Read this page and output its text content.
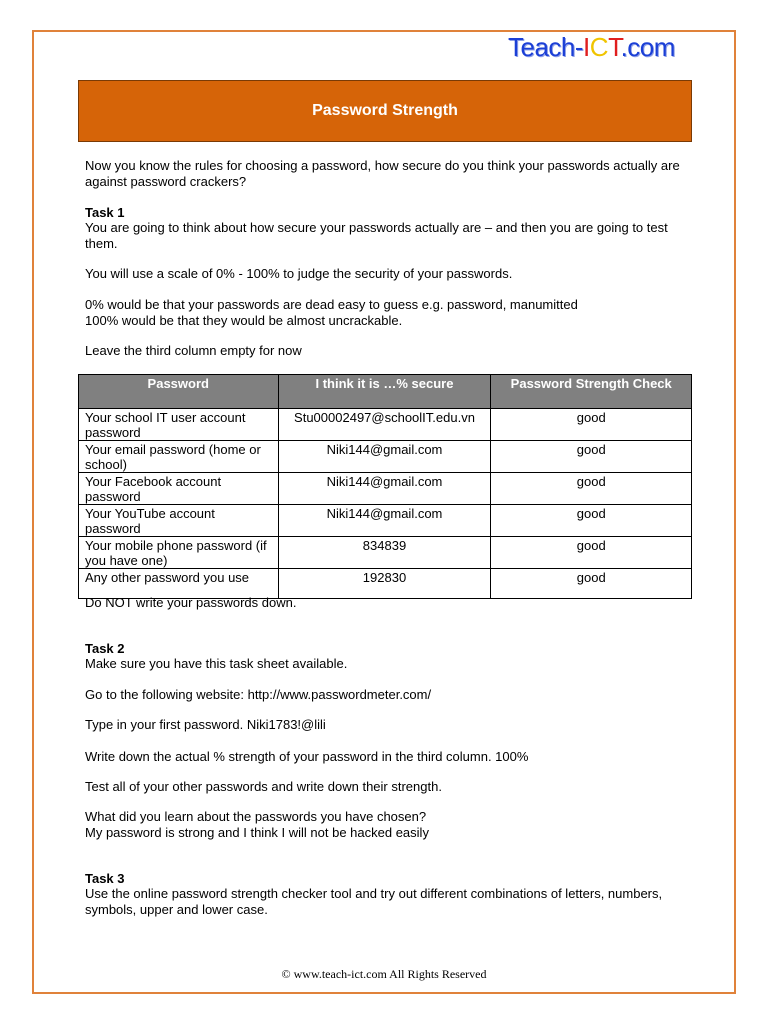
Teach-ICT.com
Password Strength
Now you know the rules for choosing a password, how secure do you think your passwords actually are against password crackers?
Task 1
You are going to think about how secure your passwords actually are – and then you are going to test them.
You will use a scale of 0% - 100% to judge the security of your passwords.
0% would be that your passwords are dead easy to guess e.g. password, manumitted
100% would be that they would be almost uncrackable.
Leave the third column empty for now
Password	I think it is …% secure	Password Strength Check
Your school IT user account password	Stu00002497@schoolIT.edu.vn	good
Your email password (home or school)	Niki144@gmail.com	good
Your Facebook account password	Niki144@gmail.com	good
Your YouTube account password	Niki144@gmail.com	good
Your mobile phone password (if you have one)	834839	good
Any other password you use	192830	good
Do NOT write your passwords down.
Task 2
Make sure you have this task sheet available.
Go to the following website: http://www.passwordmeter.com/
Type in your first password. Niki1783!@lili
Write down the actual % strength of your password in the third column. 100%
Test all of your other passwords and write down their strength.
What did you learn about the passwords you have chosen?
My password is strong and I think I will not be hacked easily
Task 3
Use the online password strength checker tool and try out different combinations of letters, numbers, symbols, upper and lower case.
© www.teach-ict.com All Rights Reserved
